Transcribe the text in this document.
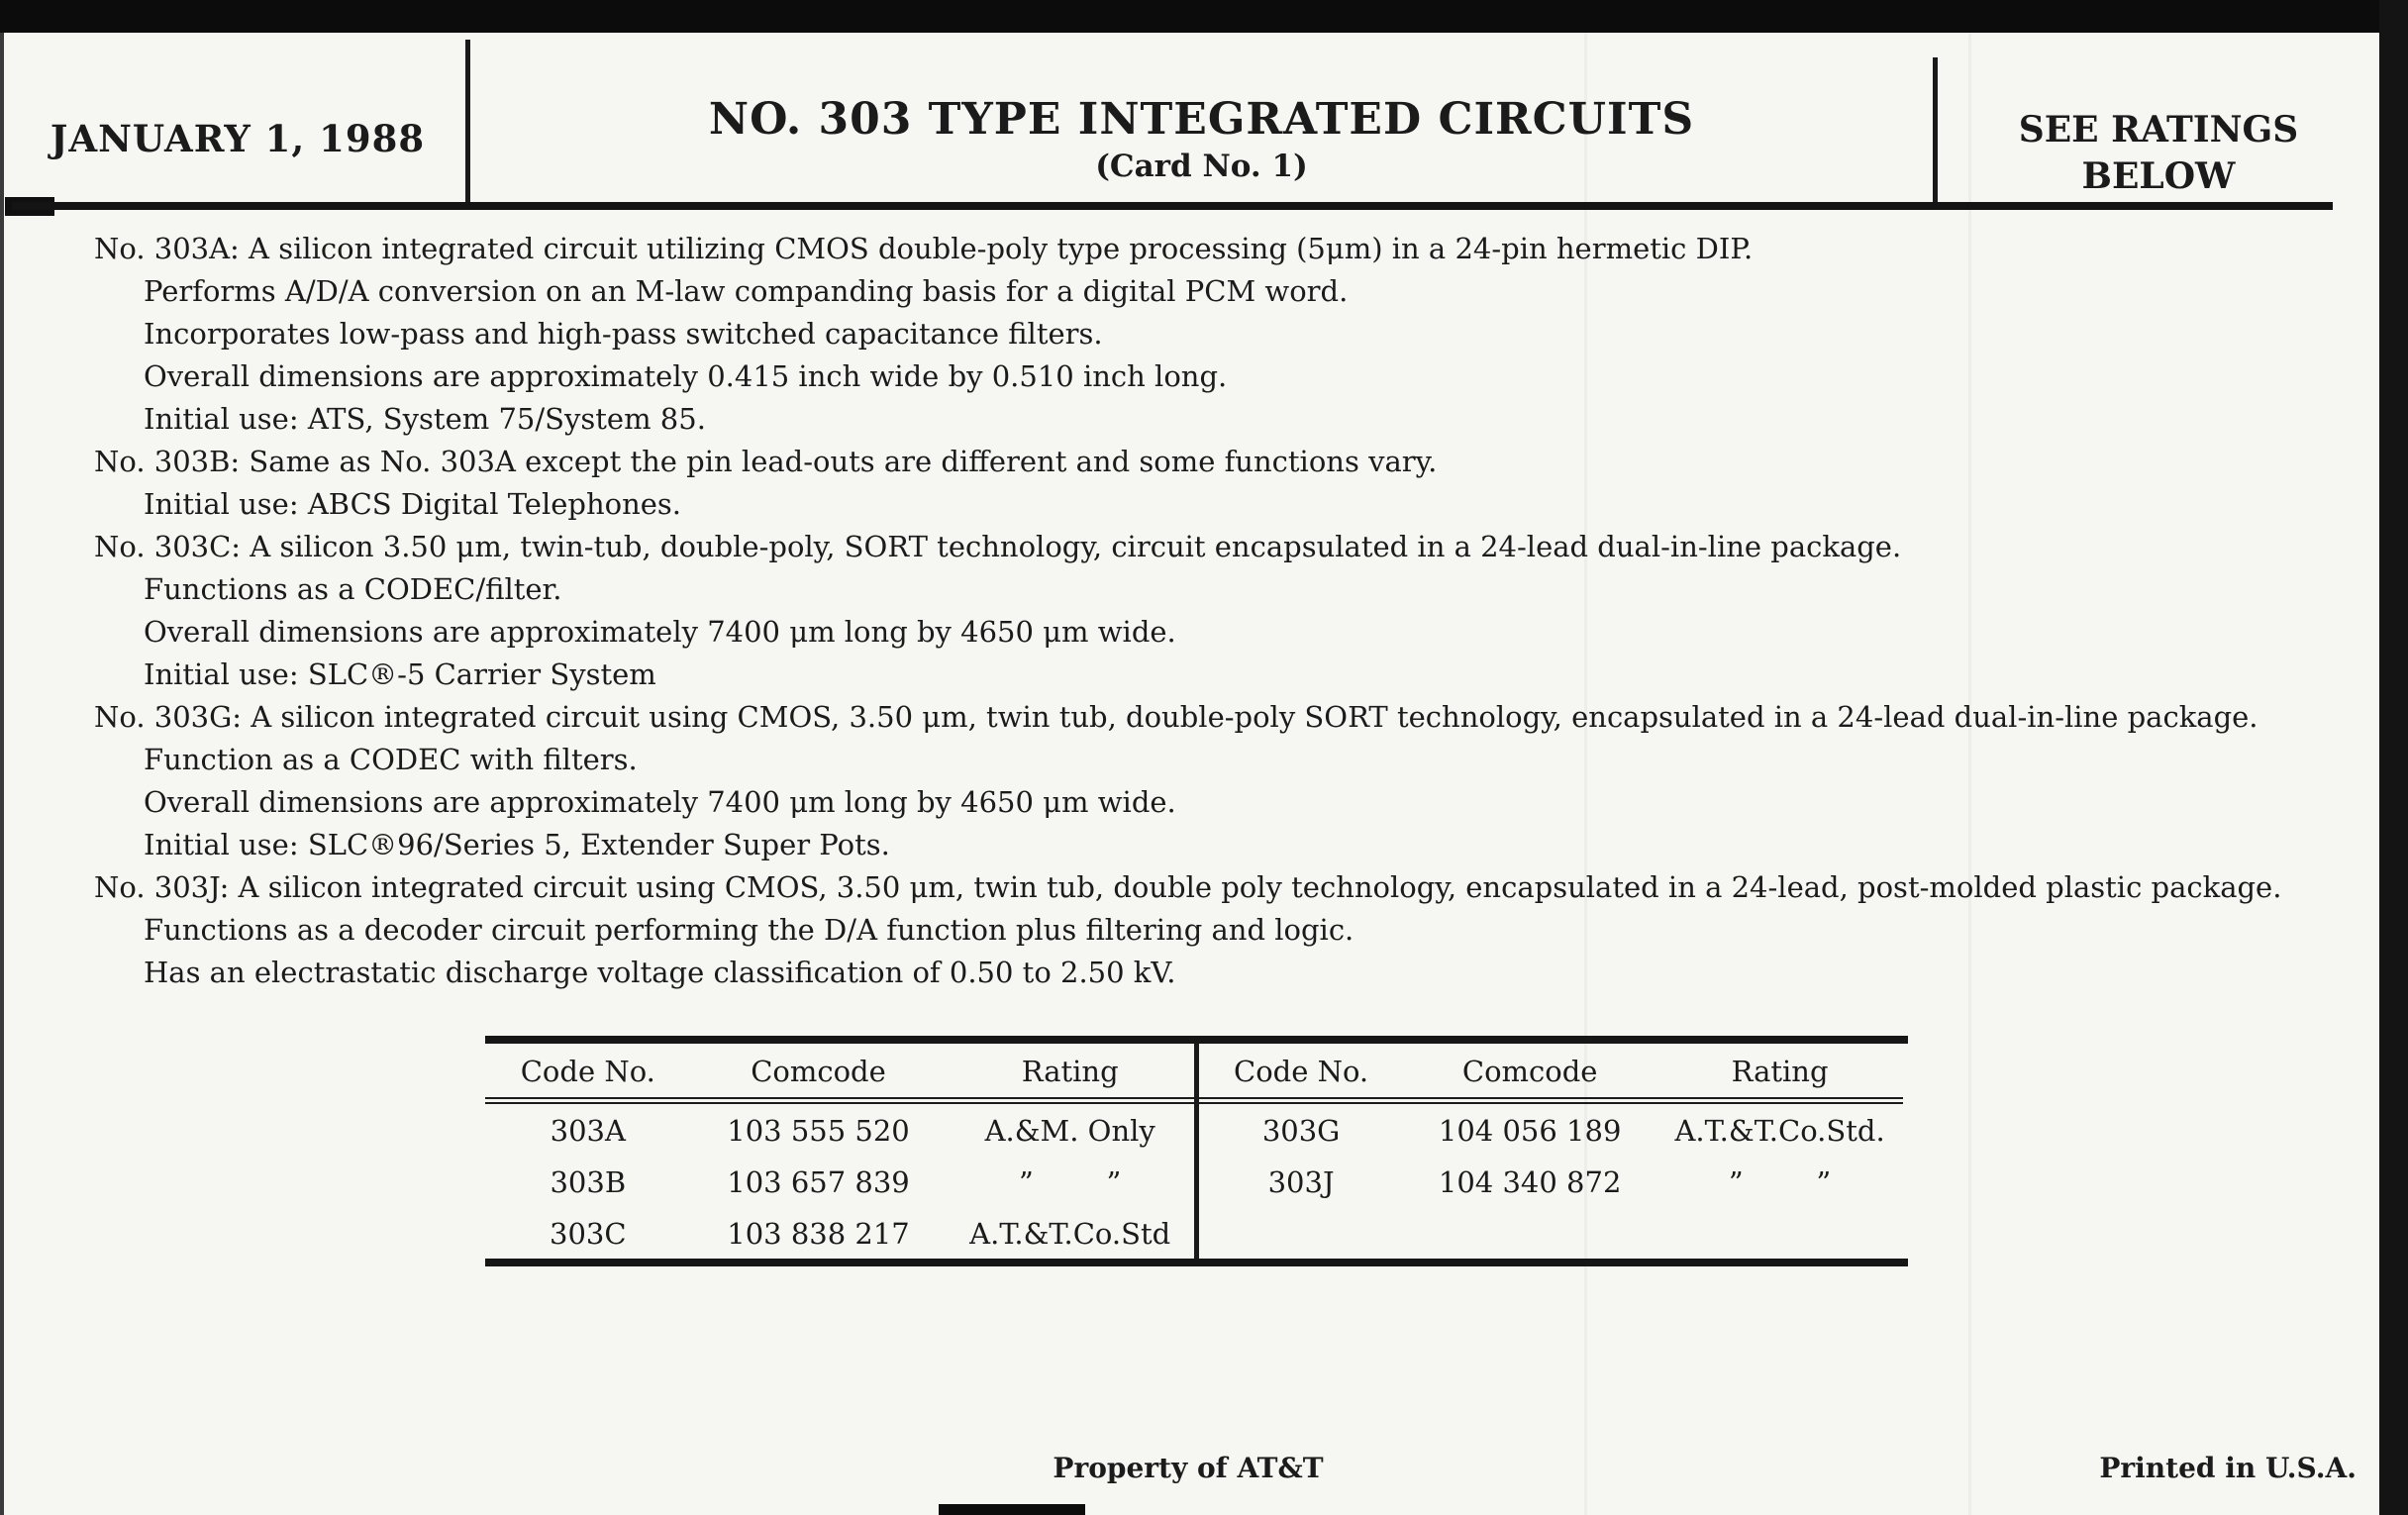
JANUARY 1, 1988	NO. 303 TYPE INTEGRATED CIRCUITS
(Card No. 1)
SEE RATINGS
BELOW
No. 303A: A silicon integrated circuit utilizing CMOS double-poly type processing (5μm) in a 24-pin hermetic DIP.
Performs A/D/A conversion on an M-law companding basis for a digital PCM word.
Incorporates low-pass and high-pass switched capacitance filters.
Overall dimensions are approximately 0.415 inch wide by 0.510 inch long.
Initial use: ATS, System 75/System 85.
No. 303B: Same as No. 303A except the pin lead-outs are different and some functions vary.
Initial use: ABCS Digital Telephones.
No. 303C: A silicon 3.50 μm, twin-tub, double-poly, SORT technology, circuit encapsulated in a 24-lead dual-in-line package.
Functions as a CODEC/filter.
Overall dimensions are approximately 7400 μm long by 4650 μm wide.
Initial use: SLC®-5 Carrier System
No. 303G: A silicon integrated circuit using CMOS, 3.50 μm, twin tub, double-poly SORT technology, encapsulated in a 24-lead dual-in-line package.
Function as a CODEC with filters.
Overall dimensions are approximately 7400 μm long by 4650 μm wide.
Initial use: SLC®96/Series 5, Extender Super Pots.
No. 303J: A silicon integrated circuit using CMOS, 3.50 μm, twin tub, double poly technology, encapsulated in a 24-lead, post-molded plastic package.
Functions as a decoder circuit performing the D/A function plus filtering and logic.
Has an electrastatic discharge voltage classification of 0.50 to 2.50 kV.
Code No.	Comcode	Rating
303A	103 555 520	A.&M. Only
303B	103 657 839	”        ”
303C	103 838 217	A.T.&T.Co.Std
Code No.	Comcode	Rating
303G	104 056 189	A.T.&T.Co.Std.
303J	104 340 872	”        ”
Property of AT&T	Printed in U.S.A.
